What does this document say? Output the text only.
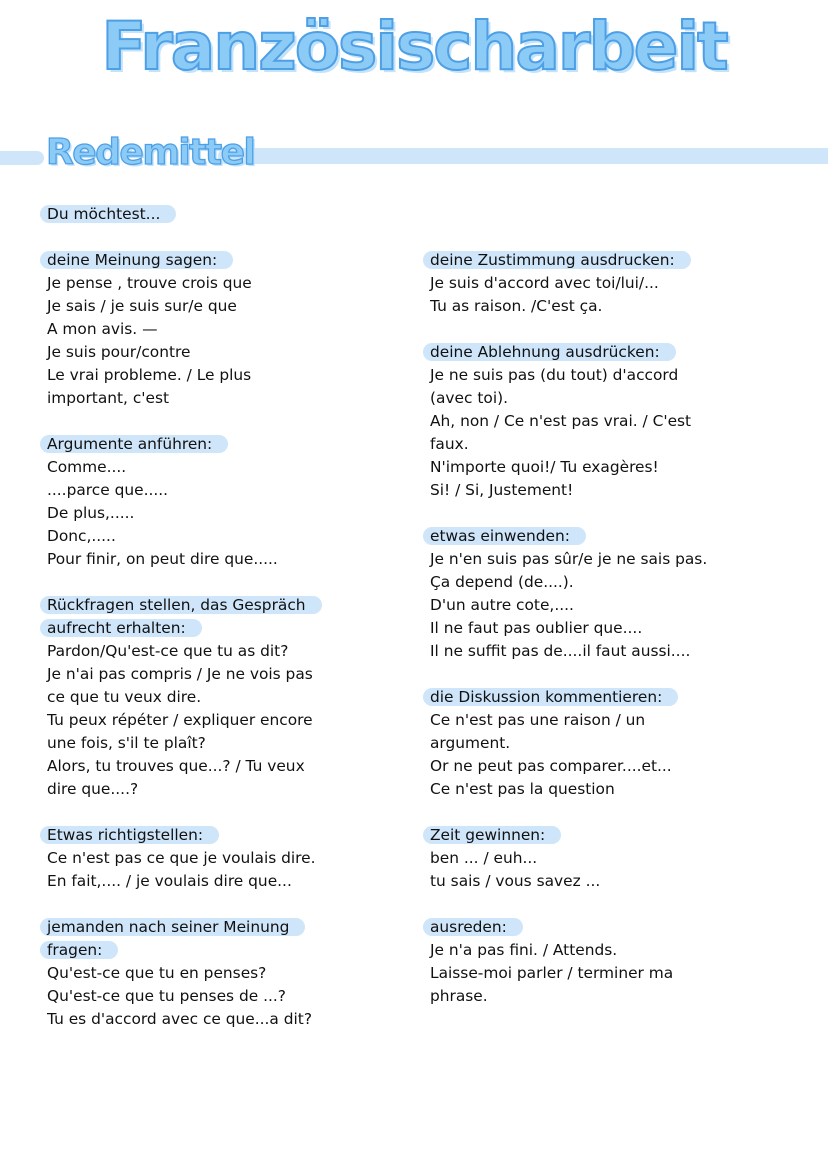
Französischarbeit
Redemittel
Du möchtest...
deine Meinung sagen:
Je pense , trouve crois que
Je sais / je suis sur/e que
A mon avis. —
Je suis pour/contre
Le vrai probleme. / Le plus
important, c'est
Argumente anführen:
Comme....
....parce que.....
De plus,.....
Donc,.....
Pour finir, on peut dire que.....
Rückfragen stellen, das Gespräch
aufrecht erhalten:
Pardon/Qu'est-ce que tu as dit?
Je n'ai pas compris / Je ne vois pas
ce que tu veux dire.
Tu peux répéter / expliquer encore
une fois, s'il te plaît?
Alors, tu trouves que...? / Tu veux
dire que....?
Etwas richtigstellen:
Ce n'est pas ce que je voulais dire.
En fait,.... / je voulais dire que...
jemanden nach seiner Meinung
fragen:
Qu'est-ce que tu en penses?
Qu'est-ce que tu penses de ...?
Tu es d'accord avec ce que...a dit?
deine Zustimmung ausdrucken:
Je suis d'accord avec toi/lui/...
Tu as raison. /C'est ça.
deine Ablehnung ausdrücken:
Je ne suis pas (du tout) d'accord
(avec toi).
Ah, non / Ce n'est pas vrai. / C'est
faux.
N'importe quoi!/ Tu exagères!
Si! / Si, Justement!
etwas einwenden:
Je n'en suis pas sûr/e je ne sais pas.
Ça depend (de....).
D'un autre cote,....
Il ne faut pas oublier que....
Il ne suffit pas de....il faut aussi....
die Diskussion kommentieren:
Ce n'est pas une raison / un
argument.
Or ne peut pas comparer....et...
Ce n'est pas la question
Zeit gewinnen:
ben ... / euh...
tu sais / vous savez ...
ausreden:
Je n'a pas fini. / Attends.
Laisse-moi parler / terminer ma
phrase.
